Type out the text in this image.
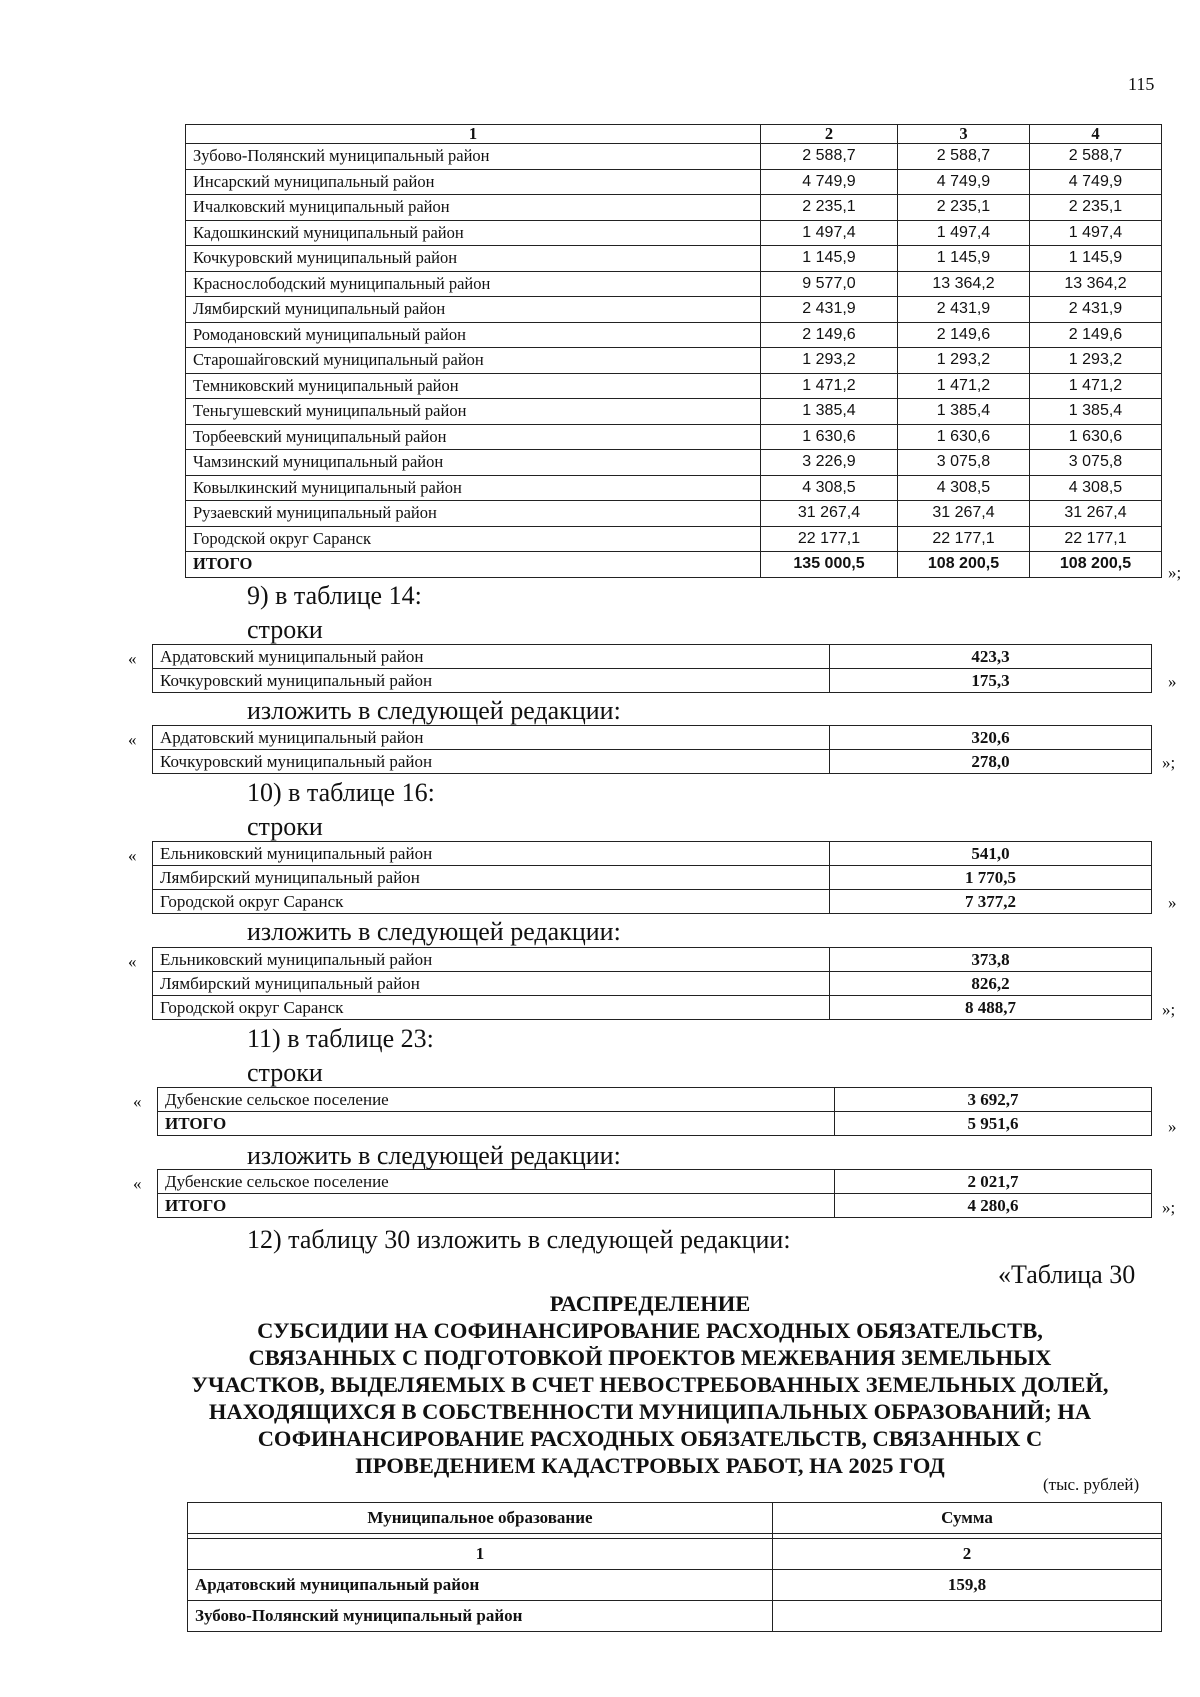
115
1	2	3	4
Зубово-Полянский муниципальный район	2 588,7	2 588,7	2 588,7
Инсарский муниципальный район	4 749,9	4 749,9	4 749,9
Ичалковский муниципальный район	2 235,1	2 235,1	2 235,1
Кадошкинский муниципальный район	1 497,4	1 497,4	1 497,4
Кочкуровский муниципальный район	1 145,9	1 145,9	1 145,9
Краснослободский муниципальный район	9 577,0	13 364,2	13 364,2
Лямбирский муниципальный район	2 431,9	2 431,9	2 431,9
Ромодановский муниципальный район	2 149,6	2 149,6	2 149,6
Старошайговский муниципальный район	1 293,2	1 293,2	1 293,2
Темниковский муниципальный район	1 471,2	1 471,2	1 471,2
Теньгушевский муниципальный район	1 385,4	1 385,4	1 385,4
Торбеевский муниципальный район	1 630,6	1 630,6	1 630,6
Чамзинский муниципальный район	3 226,9	3 075,8	3 075,8
Ковылкинский муниципальный район	4 308,5	4 308,5	4 308,5
Рузаевский муниципальный район	31 267,4	31 267,4	31 267,4
Городской округ Саранск	22 177,1	22 177,1	22 177,1
ИТОГО	135 000,5	108 200,5	108 200,5 »;
9) в таблице 14:
строки
« Ардатовский муниципальный район	423,3
Кочкуровский муниципальный район	175,3	»
изложить в следующей редакции:
« Ардатовский муниципальный район	320,6
Кочкуровский муниципальный район	278,0	»;
10) в таблице 16:
строки
« Ельниковский муниципальный район	541,0
Лямбирский муниципальный район	1 770,5
Городской округ Саранск	7 377,2	»
изложить в следующей редакции:
« Ельниковский муниципальный район	373,8
Лямбирский муниципальный район	826,2
Городской округ Саранск	8 488,7	»;
11) в таблице 23:
строки
« Дубенские сельское поселение	3 692,7
ИТОГО	5 951,6	»
изложить в следующей редакции:
« Дубенские сельское поселение	2 021,7
ИТОГО	4 280,6	»;
12) таблицу 30 изложить в следующей редакции:
«Таблица 30
РАСПРЕДЕЛЕНИЕ
СУБСИДИИ НА СОФИНАНСИРОВАНИЕ РАСХОДНЫХ ОБЯЗАТЕЛЬСТВ,
СВЯЗАННЫХ С ПОДГОТОВКОЙ ПРОЕКТОВ МЕЖЕВАНИЯ ЗЕМЕЛЬНЫХ
УЧАСТКОВ, ВЫДЕЛЯЕМЫХ В СЧЕТ НЕВОСТРЕБОВАННЫХ ЗЕМЕЛЬНЫХ ДОЛЕЙ,
НАХОДЯЩИХСЯ В СОБСТВЕННОСТИ МУНИЦИПАЛЬНЫХ ОБРАЗОВАНИЙ; НА
СОФИНАНСИРОВАНИЕ РАСХОДНЫХ ОБЯЗАТЕЛЬСТВ, СВЯЗАННЫХ С
ПРОВЕДЕНИЕМ КАДАСТРОВЫХ РАБОТ, НА 2025 ГОД
(тыс. рублей)
Муниципальное образование	Сумма

1	2
Ардатовский муниципальный район	159,8
Зубово-Полянский муниципальный район	
